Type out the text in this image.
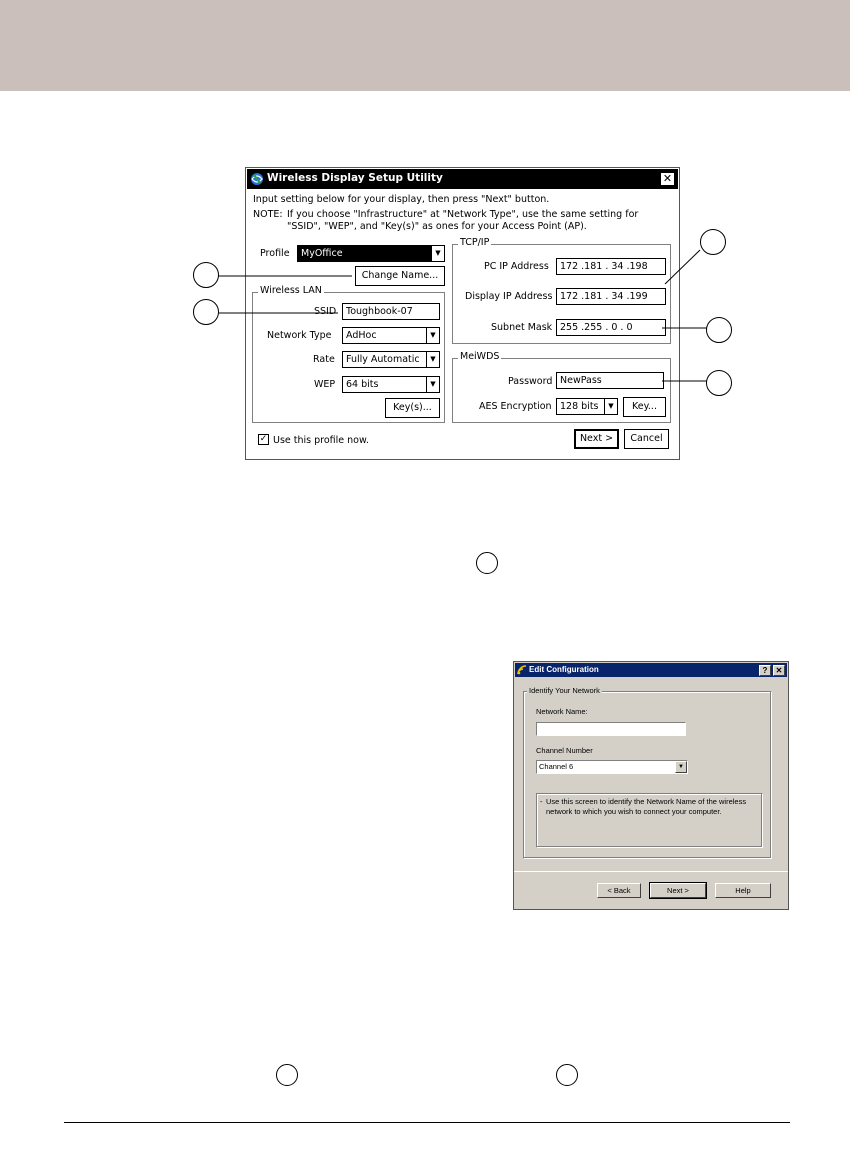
Wireless Display Setup Utility	✕
Input setting below for your display, then press "Next" button.
NOTE: If you choose "Infrastructure" at "Network Type", use the same setting for
"SSID", "WEP", and "Key(s)" as ones for your Access Point (AP).
Profile MyOffice	▼
Change Name...
Wireless LAN
SSID	Toughbook-07
Network Type AdHoc	▼
Rate Fully Automatic	▼
WEP 64 bits	▼
Key(s)...
TCP/IP
PC IP Address	172 .181 . 34 .198
Display IP Address 172 .181 . 34 .199
Subnet Mask 255 .255 . 0 . 0
MeiWDS
Password NewPass
AES Encryption 128 bits	▼	Key...
✓ Use this profile now.	Next >	Cancel
Edit Configuration	?	✕
Identify Your Network
Network Name:
Channel Number
Channel 6	▼
- Use this screen to identify the Network Name of the wireless
network to which you wish to connect your computer.
< Back	Next >	Help
